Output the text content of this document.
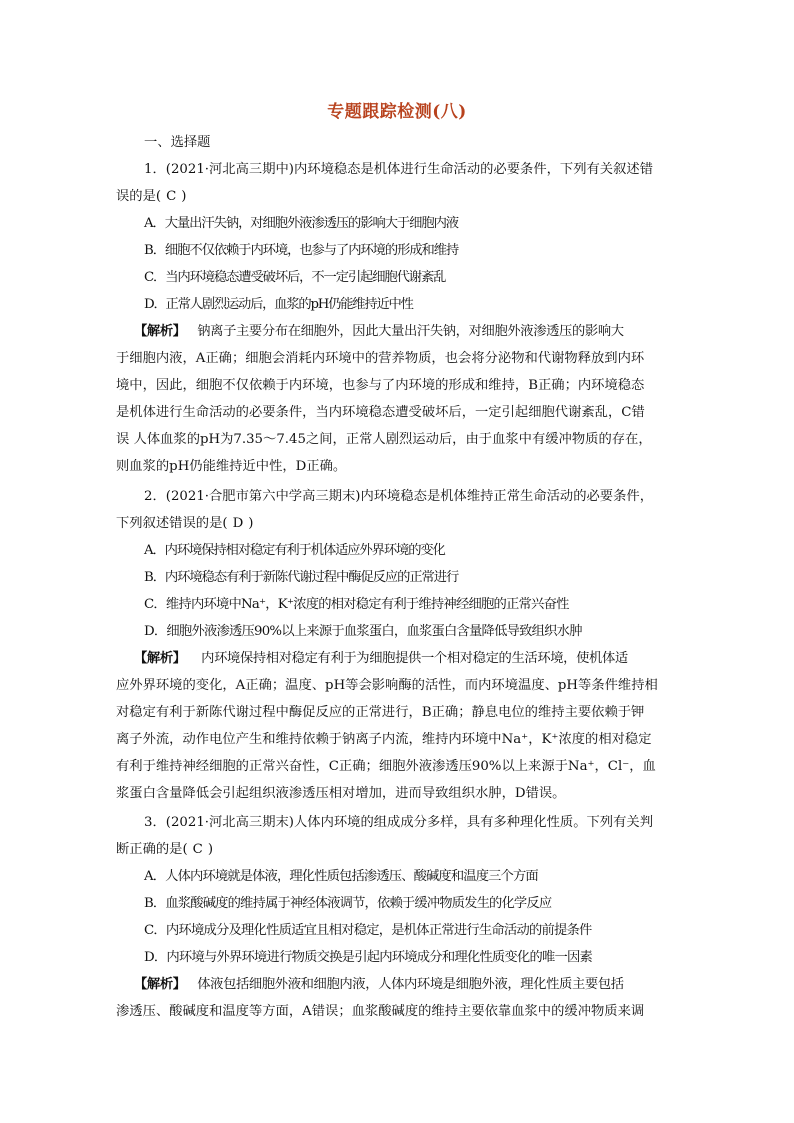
专题跟踪检测(八)
一、选择题
1．(2021·河北高三期中)内环境稳态是机体进行生命活动的必要条件，下列有关叙述错
误的是( C )
A．大量出汗失钠，对细胞外液渗透压的影响大于细胞内液
B．细胞不仅依赖于内环境，也参与了内环境的形成和维持
C．当内环境稳态遭受破坏后，不一定引起细胞代谢紊乱
D．正常人剧烈运动后，血浆的pH仍能维持近中性
【解析】 钠离子主要分布在细胞外，因此大量出汗失钠，对细胞外液渗透压的影响大
于细胞内液，A正确；细胞会消耗内环境中的营养物质，也会将分泌物和代谢物释放到内环
境中，因此，细胞不仅依赖于内环境，也参与了内环境的形成和维持，B正确；内环境稳态
是机体进行生命活动的必要条件，当内环境稳态遭受破坏后，一定引起细胞代谢紊乱，C错
误 人体血浆的pH为7.35～7.45之间，正常人剧烈运动后，由于血浆中有缓冲物质的存在，
则血浆的pH仍能维持近中性，D正确。
2．(2021·合肥市第六中学高三期末)内环境稳态是机体维持正常生命活动的必要条件，
下列叙述错误的是( D )
A．内环境保持相对稳定有利于机体适应外界环境的变化
B．内环境稳态有利于新陈代谢过程中酶促反应的正常进行
C．维持内环境中Na⁺，K⁺浓度的相对稳定有利于维持神经细胞的正常兴奋性
D．细胞外液渗透压90%以上来源于血浆蛋白，血浆蛋白含量降低导致组织水肿
【解析】 内环境保持相对稳定有利于为细胞提供一个相对稳定的生活环境，使机体适
应外界环境的变化，A正确；温度、pH等会影响酶的活性，而内环境温度、pH等条件维持相
对稳定有利于新陈代谢过程中酶促反应的正常进行，B正确；静息电位的维持主要依赖于钾
离子外流，动作电位产生和维持依赖于钠离子内流，维持内环境中Na⁺，K⁺浓度的相对稳定
有利于维持神经细胞的正常兴奋性，C正确；细胞外液渗透压90%以上来源于Na⁺，Cl⁻，血
浆蛋白含量降低会引起组织液渗透压相对增加，进而导致组织水肿，D错误。
3．(2021·河北高三期末)人体内环境的组成成分多样，具有多种理化性质。下列有关判
断正确的是( C )
A．人体内环境就是体液，理化性质包括渗透压、酸碱度和温度三个方面
B．血浆酸碱度的维持属于神经体液调节，依赖于缓冲物质发生的化学反应
C．内环境成分及理化性质适宜且相对稳定，是机体正常进行生命活动的前提条件
D．内环境与外界环境进行物质交换是引起内环境成分和理化性质变化的唯一因素
【解析】 体液包括细胞外液和细胞内液，人体内环境是细胞外液，理化性质主要包括
渗透压、酸碱度和温度等方面，A错误；血浆酸碱度的维持主要依靠血浆中的缓冲物质来调
